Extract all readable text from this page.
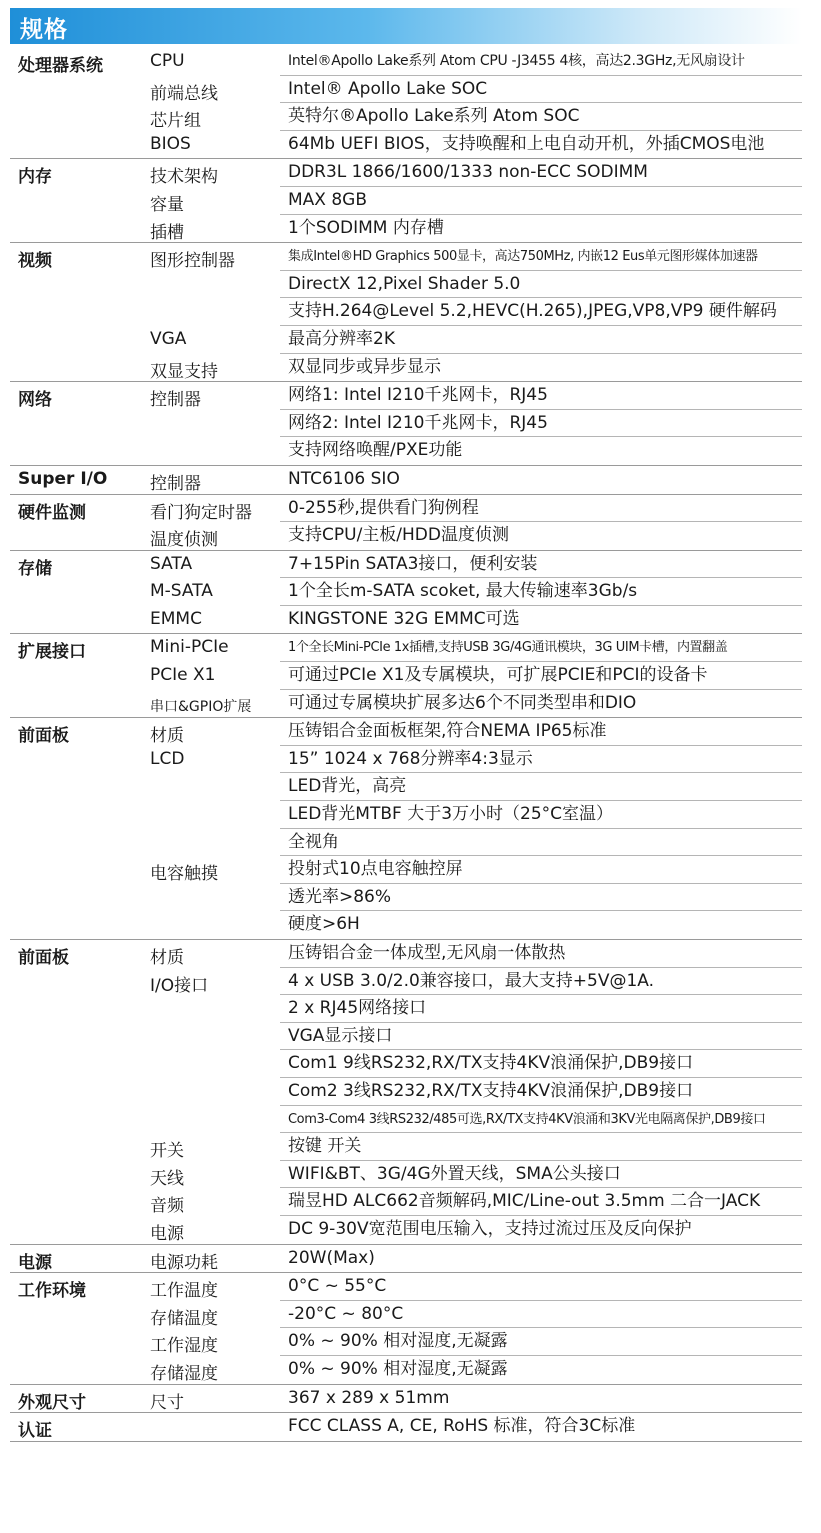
规格
处理器系统	CPU	Intel®Apollo Lake系列 Atom CPU -J3455 4核，高达2.3GHz,无风扇设计
前端总线	Intel® Apollo Lake SOC
芯片组	英特尔®Apollo Lake系列 Atom SOC
BIOS	64Mb UEFI BIOS，支持唤醒和上电自动开机，外插CMOS电池
内存	技术架构	DDR3L 1866/1600/1333 non-ECC SODIMM
容量	MAX 8GB
插槽	1个SODIMM 内存槽
视频	图形控制器	集成Intel®HD Graphics 500显卡，高达750MHz, 内嵌12 Eus单元图形媒体加速器
DirectX 12,Pixel Shader 5.0
支持H.264@Level 5.2,HEVC(H.265),JPEG,VP8,VP9 硬件解码
VGA	最高分辨率2K
双显支持	双显同步或异步显示
网络	控制器	网络1: Intel I210千兆网卡，RJ45
网络2: Intel I210千兆网卡，RJ45
支持网络唤醒/PXE功能
Super I/O	控制器	NTC6106 SIO
硬件监测	看门狗定时器	0-255秒,提供看门狗例程
温度侦测	支持CPU/主板/HDD温度侦测
存储	SATA	7+15Pin SATA3接口，便利安装
M-SATA	1个全长m-SATA scoket, 最大传输速率3Gb/s
EMMC	KINGSTONE 32G EMMC可选
扩展接口	Mini-PCIe	1个全长Mini-PCIe 1x插槽,支持USB 3G/4G通讯模块，3G UIM卡槽，内置翻盖
PCIe X1	可通过PCIe X1及专属模块，可扩展PCIE和PCI的设备卡
串口&GPIO扩展	可通过专属模块扩展多达6个不同类型串和DIO
前面板	材质	压铸铝合金面板框架,符合NEMA IP65标准
LCD	15” 1024 x 768分辨率4:3显示
LED背光，高亮
LED背光MTBF 大于3万小时（25°C室温）
全视角
电容触摸	投射式10点电容触控屏
透光率>86%
硬度>6H
前面板	材质	压铸铝合金一体成型,无风扇一体散热
I/O接口	4 x USB 3.0/2.0兼容接口，最大支持+5V@1A.
2 x RJ45网络接口
VGA显示接口
Com1 9线RS232,RX/TX支持4KV浪涌保护,DB9接口
Com2 3线RS232,RX/TX支持4KV浪涌保护,DB9接口
Com3-Com4 3线RS232/485可选,RX/TX支持4KV浪涌和3KV光电隔离保护,DB9接口
开关	按键 开关
天线	WIFI&BT、3G/4G外置天线，SMA公头接口
音频	瑞昱HD ALC662音频解码,MIC/Line-out 3.5mm 二合一JACK
电源	DC 9-30V宽范围电压输入，支持过流过压及反向保护
电源	电源功耗	20W(Max)
工作环境	工作温度	0°C ~ 55°C
存储温度	-20°C ~ 80°C
工作湿度	0% ~ 90% 相对湿度,无凝露
存储湿度	0% ~ 90% 相对湿度,无凝露
外观尺寸	尺寸	367 x 289 x 51mm
认证	FCC CLASS A, CE, RoHS 标准，符合3C标准
